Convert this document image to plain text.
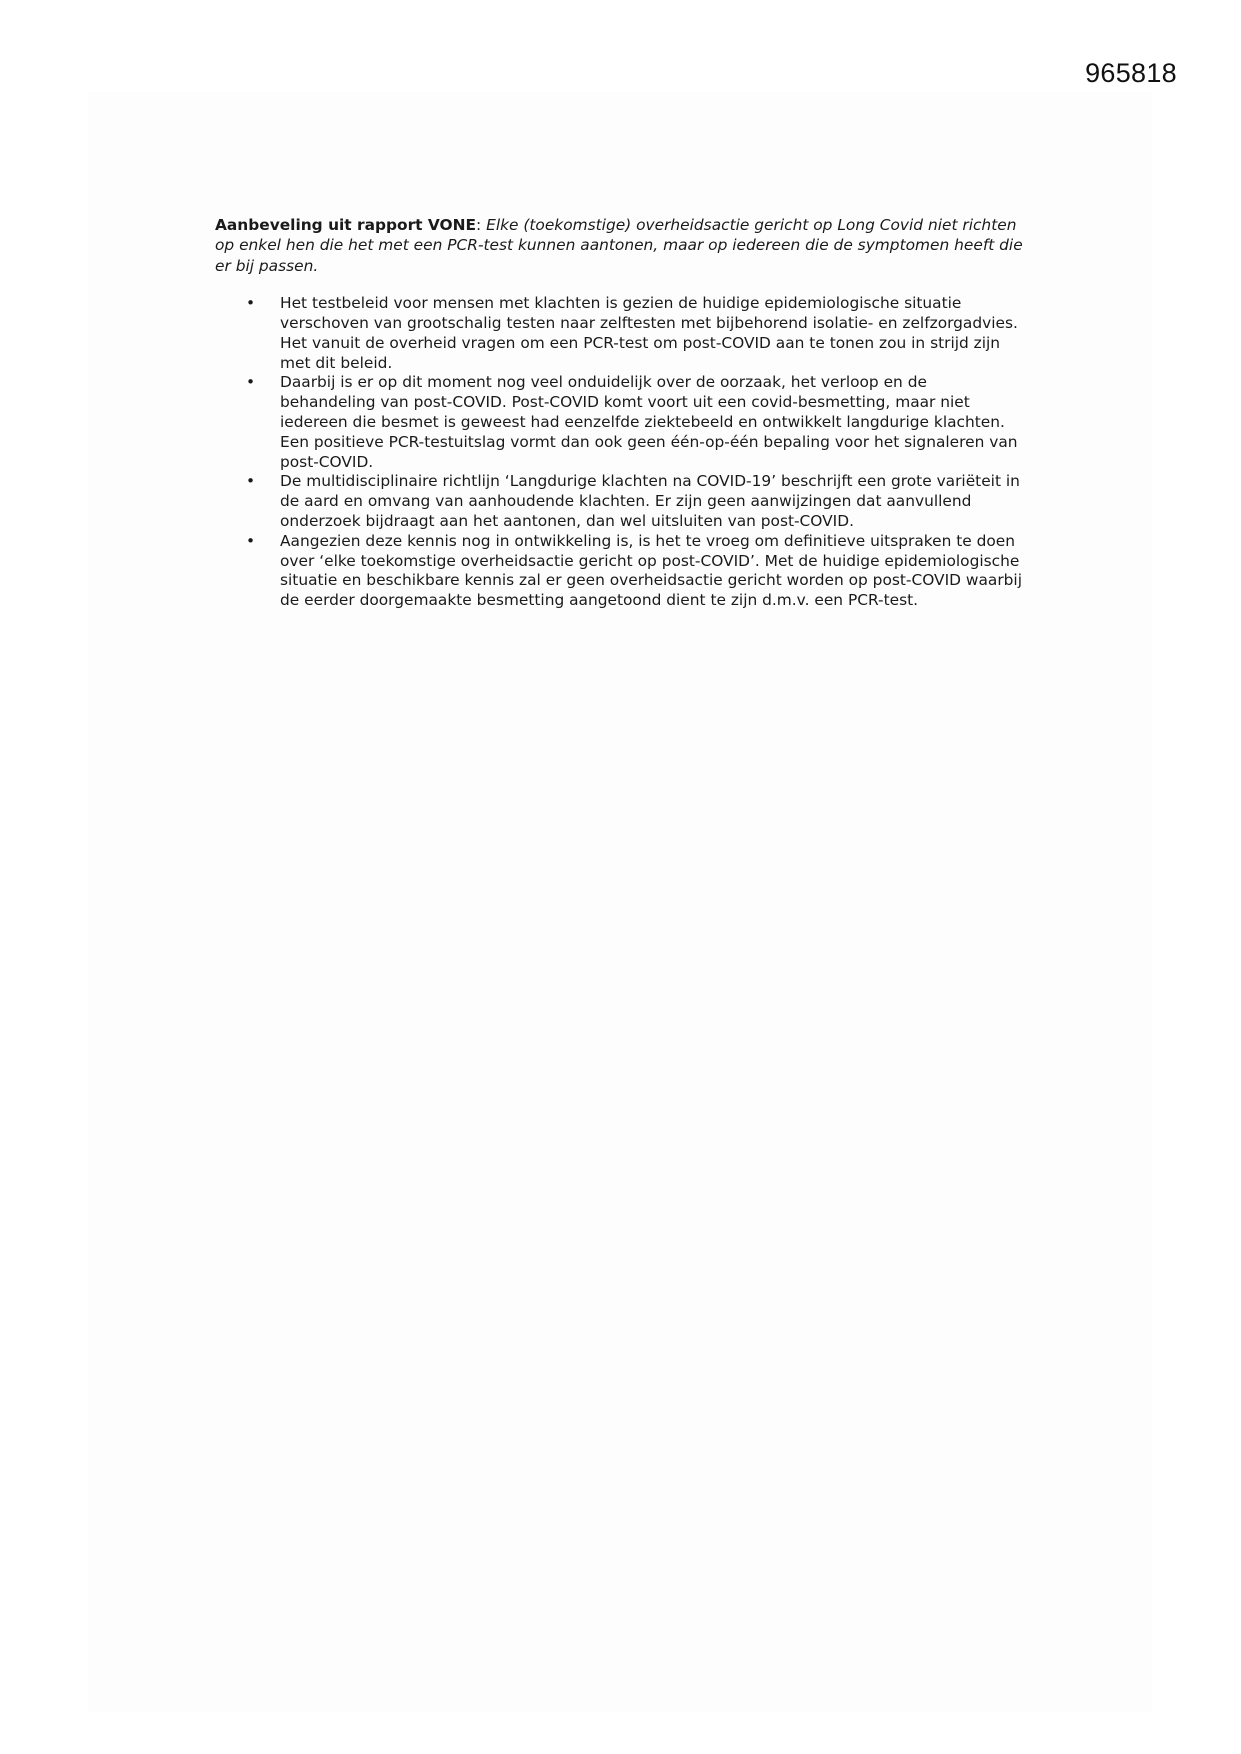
965818

Aanbeveling uit rapport VONE: Elke (toekomstige) overheidsactie gericht op Long Covid niet richten op enkel hen die het met een PCR-test kunnen aantonen, maar op iedereen die de symptomen heeft die er bij passen.

• Het testbeleid voor mensen met klachten is gezien de huidige epidemiologische situatie verschoven van grootschalig testen naar zelftesten met bijbehorend isolatie- en zelfzorgadvies. Het vanuit de overheid vragen om een PCR-test om post-COVID aan te tonen zou in strijd zijn met dit beleid.
• Daarbij is er op dit moment nog veel onduidelijk over de oorzaak, het verloop en de behandeling van post-COVID. Post-COVID komt voort uit een covid-besmetting, maar niet iedereen die besmet is geweest had eenzelfde ziektebeeld en ontwikkelt langdurige klachten. Een positieve PCR-testuitslag vormt dan ook geen één-op-één bepaling voor het signaleren van post-COVID.
• De multidisciplinaire richtlijn ‘Langdurige klachten na COVID-19’ beschrijft een grote variëteit in de aard en omvang van aanhoudende klachten. Er zijn geen aanwijzingen dat aanvullend onderzoek bijdraagt aan het aantonen, dan wel uitsluiten van post-COVID.
• Aangezien deze kennis nog in ontwikkeling is, is het te vroeg om definitieve uitspraken te doen over ‘elke toekomstige overheidsactie gericht op post-COVID’. Met de huidige epidemiologische situatie en beschikbare kennis zal er geen overheidsactie gericht worden op post-COVID waarbij de eerder doorgemaakte besmetting aangetoond dient te zijn d.m.v. een PCR-test.
